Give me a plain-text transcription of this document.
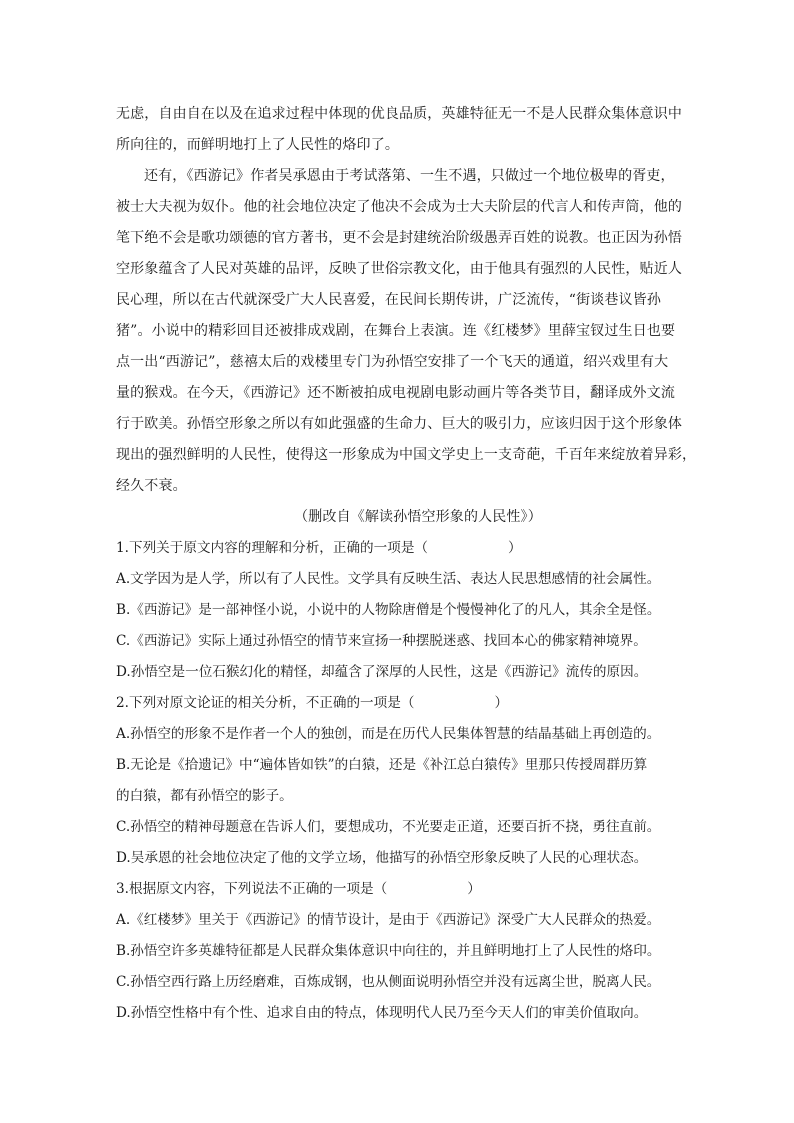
无虑，自由自在以及在追求过程中体现的优良品质，英雄特征无一不是人民群众集体意识中

所向往的，而鲜明地打上了人民性的烙印了。

还有，《西游记》作者吴承恩由于考试落第、一生不遇，只做过一个地位极卑的胥吏，

被士大夫视为奴仆。他的社会地位决定了他决不会成为士大夫阶层的代言人和传声筒，他的

笔下绝不会是歌功颂德的官方著书，更不会是封建统治阶级愚弄百姓的说教。也正因为孙悟

空形象蕴含了人民对英雄的品评，反映了世俗宗教文化，由于他具有强烈的人民性，贴近人

民心理，所以在古代就深受广大人民喜爱，在民间长期传讲，广泛流传，“街谈巷议皆孙

猪”。小说中的精彩回目还被排成戏剧，在舞台上表演。连《红楼梦》里薛宝钗过生日也要

点一出“西游记”，慈禧太后的戏楼里专门为孙悟空安排了一个飞天的通道，绍兴戏里有大

量的猴戏。在今天，《西游记》还不断被拍成电视剧电影动画片等各类节目，翻译成外文流

行于欧美。孙悟空形象之所以有如此强盛的生命力、巨大的吸引力，应该归因于这个形象体

现出的强烈鲜明的人民性，使得这一形象成为中国文学史上一支奇葩，千百年来绽放着异彩，

经久不衰。

（删改自《解读孙悟空形象的人民性》）

1.下列关于原文内容的理解和分析，正确的一项是（	）

A.文学因为是人学，所以有了人民性。文学具有反映生活、表达人民思想感情的社会属性。

B.《西游记》是一部神怪小说，小说中的人物除唐僧是个慢慢神化了的凡人，其余全是怪。

C.《西游记》实际上通过孙悟空的情节来宣扬一种摆脱迷惑、找回本心的佛家精神境界。

D.孙悟空是一位石猴幻化的精怪，却蕴含了深厚的人民性，这是《西游记》流传的原因。

2.下列对原文论证的相关分析，不正确的一项是（	）

A.孙悟空的形象不是作者一个人的独创，而是在历代人民集体智慧的结晶基础上再创造的。

B.无论是《拾遗记》中“遍体皆如铁”的白猿，还是《补江总白猿传》里那只传授周群历算

的白猿，都有孙悟空的影子。

C.孙悟空的精神母题意在告诉人们，要想成功，不光要走正道，还要百折不挠，勇往直前。

D.吴承恩的社会地位决定了他的文学立场，他描写的孙悟空形象反映了人民的心理状态。

3.根据原文内容，下列说法不正确的一项是（	）

A.《红楼梦》里关于《西游记》的情节设计，是由于《西游记》深受广大人民群众的热爱。

B.孙悟空许多英雄特征都是人民群众集体意识中向往的，并且鲜明地打上了人民性的烙印。

C.孙悟空西行路上历经磨难，百炼成钢，也从侧面说明孙悟空并没有远离尘世，脱离人民。

D.孙悟空性格中有个性、追求自由的特点，体现明代人民乃至今天人们的审美价值取向。
